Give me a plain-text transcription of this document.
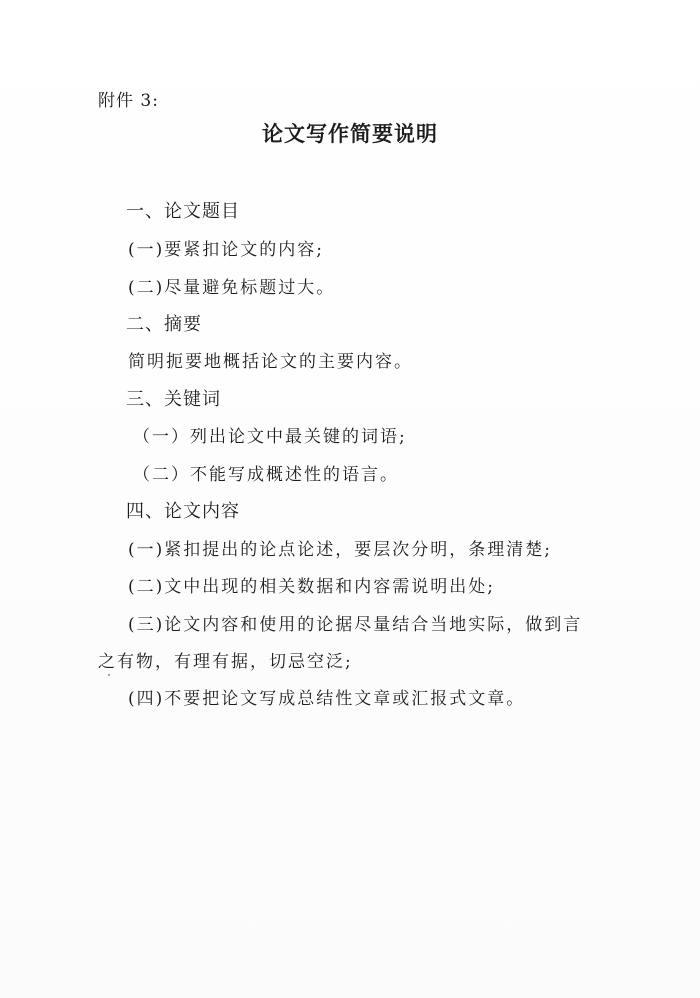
附件 3:
论文写作简要说明
一、论文题目
(一)要紧扣论文的内容;
(二)尽量避免标题过大。
二、摘要
简明扼要地概括论文的主要内容。
三、关键词
（一）列出论文中最关键的词语;
（二）不能写成概述性的语言。
四、论文内容
(一)紧扣提出的论点论述，要层次分明，条理清楚;
(二)文中出现的相关数据和内容需说明出处;
(三)论文内容和使用的论据尽量结合当地实际，做到言
之有物，有理有据，切忌空泛;
(四)不要把论文写成总结性文章或汇报式文章。
